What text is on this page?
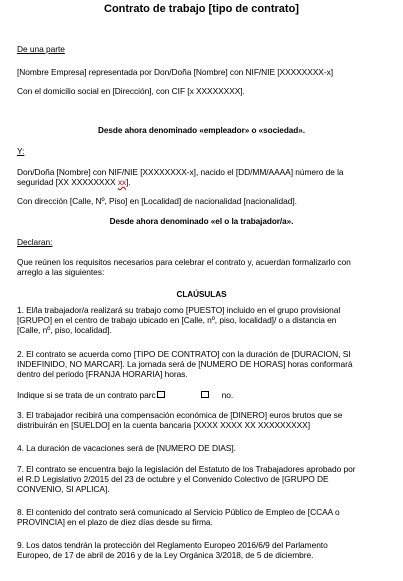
Contrato de trabajo [tipo de contrato]
De una parte
[Nombre Empresa] representada por Don/Doña [Nombre] con NIF/NIE [XXXXXXXX-x]
Con el domicilio social en [Dirección], con CIF [x XXXXXXXX].
Desde ahora denominado «empleador» o «sociedad».
Y:
Don/Doña [Nombre] con NIF/NIE [XXXXXXXX-x], nacido el [DD/MM/AAAA] número de la
seguridad [XX XXXXXXXX xx].
Con dirección [Calle, Nº, Piso] en [Localidad] de nacionalidad [nacionalidad].
Desde ahora denominado «el o la trabajador/a».
Declaran:
Que reúnen los requisitos necesarios para celebrar el contrato y, acuerdan formalizarlo con
arreglo a las siguientes:
CLAÚSULAS
1. El/la trabajador/a realizará su trabajo como [PUESTO] incluido en el grupo provisional
[GRUPO] en el centro de trabajo ubicado en [Calle, nº, piso, localidad]/ o a distancia en
[Calle, nº, piso, localidad].
2. El contrato se acuerda como [TIPO DE CONTRATO] con la duración de [DURACION, SI
INDEFINIDO, NO MARCAR]. La jornada será de [NUMERO DE HORAS] horas conformará
dentro del periodo [FRANJA HORARIA] horas.
Indique si se trata de un contrato parc	no.
3. El trabajador recibirá una compensación económica de [DINERO] euros brutos que se
distribuirán en [SUELDO] en la cuenta bancaria [XXXX XXXX XX XXXXXXXXX]
4. La duración de vacaciones será de [NUMERO DE DIAS].
7. El contrato se encuentra bajo la legislación del Estatuto de los Trabajadores aprobado por
el R.D Legislativo 2/2015 del 23 de octubre y el Convenido Colectivo de [GRUPO DE
CONVENIO, SI APLICA].
8. El contenido del contrato será comunicado al Servicio Público de Empleo de [CCAA o
PROVINCIA] en el plazo de diez días desde su firma.
9. Los datos tendrán la protección del Reglamento Europeo 2016/6/9 del Parlamento
Europeo, de 17 de abril de 2016 y de la Ley Orgánica 3/2018, de 5 de diciembre.
